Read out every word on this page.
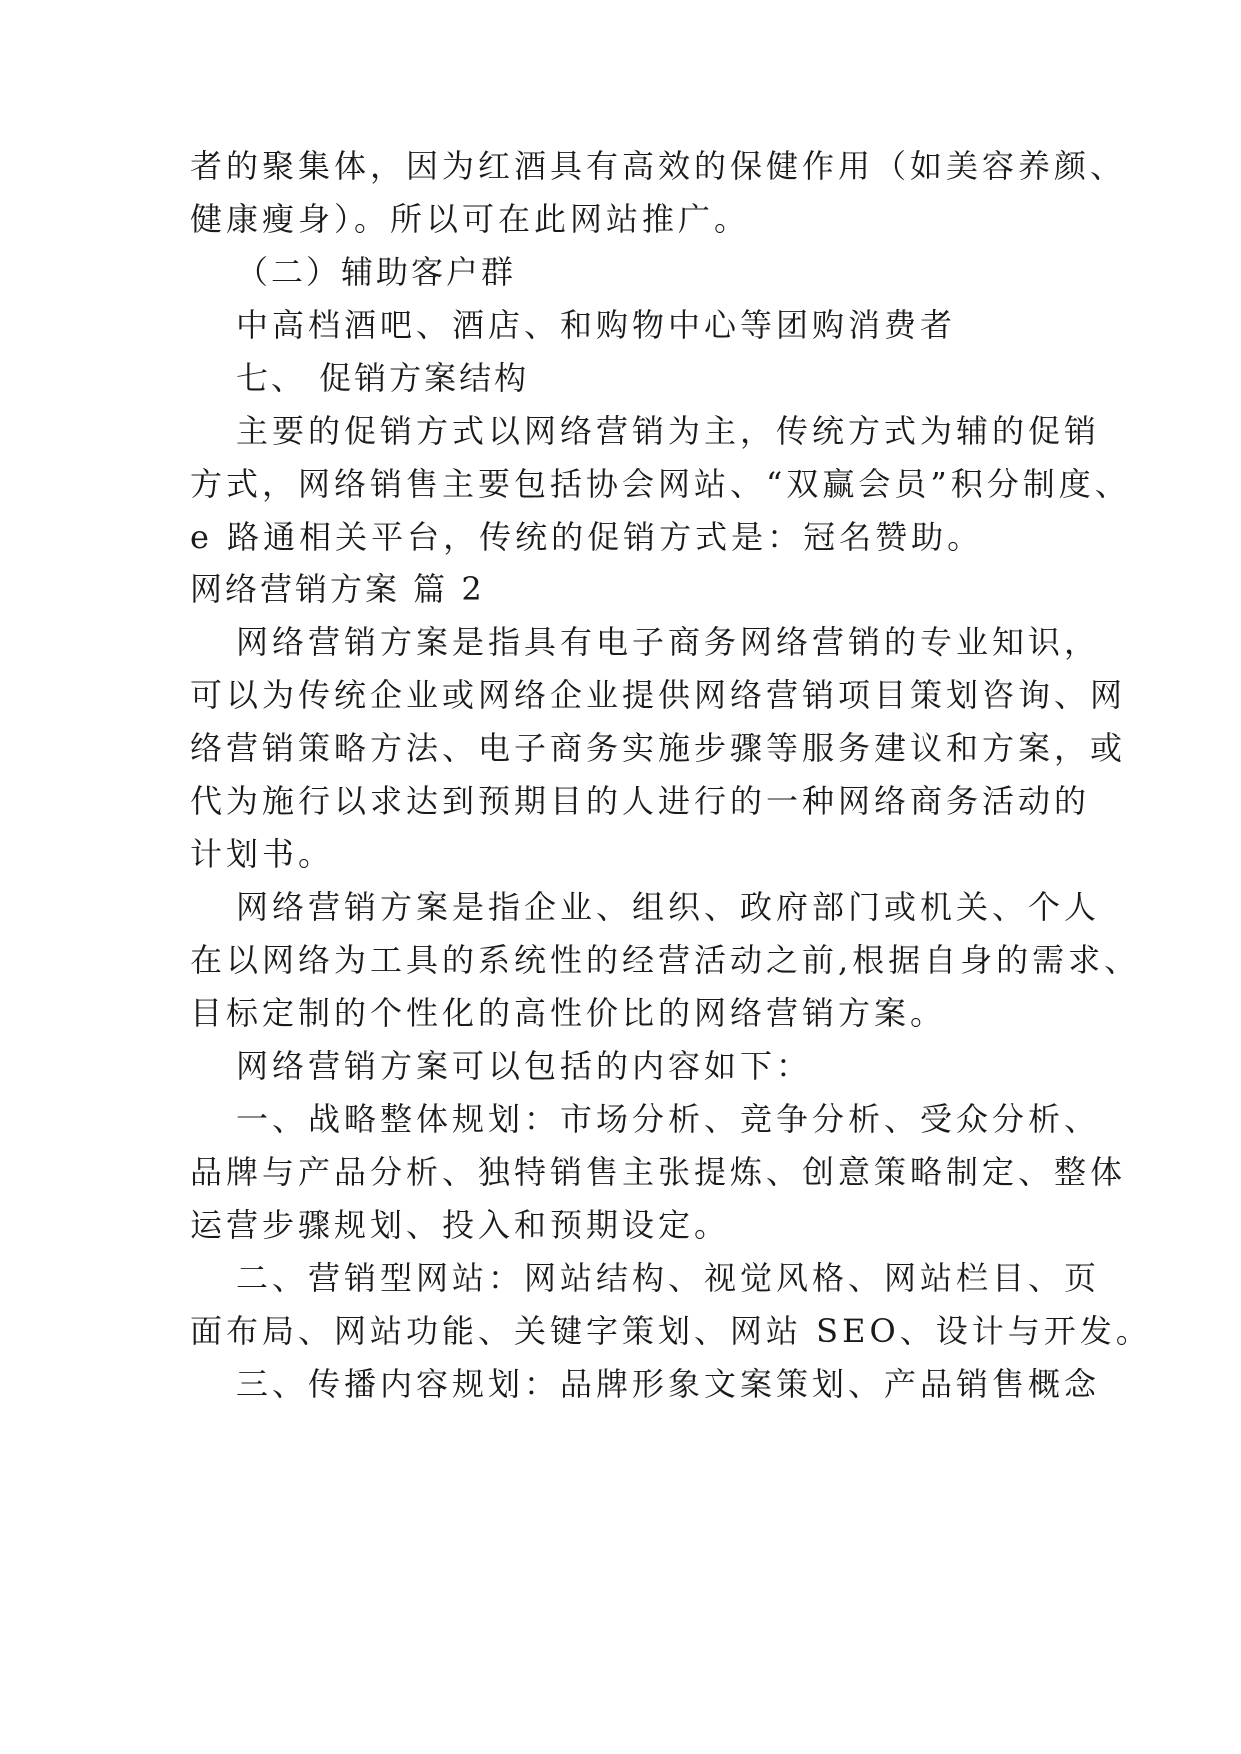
者的聚集体，因为红酒具有高效的保健作用（如美容养颜、
健康瘦身）。所以可在此网站推广。
（二）辅助客户群
中高档酒吧、酒店、和购物中心等团购消费者
七、 促销方案结构
主要的促销方式以网络营销为主，传统方式为辅的促销
方式，网络销售主要包括协会网站、“双赢会员”积分制度、
e 路通相关平台，传统的促销方式是：冠名赞助。
网络营销方案 篇 2
网络营销方案是指具有电子商务网络营销的专业知识，
可以为传统企业或网络企业提供网络营销项目策划咨询、网
络营销策略方法、电子商务实施步骤等服务建议和方案，或
代为施行以求达到预期目的人进行的一种网络商务活动的
计划书。
网络营销方案是指企业、组织、政府部门或机关、个人
在以网络为工具的系统性的经营活动之前,根据自身的需求、
目标定制的个性化的高性价比的网络营销方案。
网络营销方案可以包括的内容如下：
一、战略整体规划：市场分析、竞争分析、受众分析、
品牌与产品分析、独特销售主张提炼、创意策略制定、整体
运营步骤规划、投入和预期设定。
二、营销型网站：网站结构、视觉风格、网站栏目、页
面布局、网站功能、关键字策划、网站 SEO、设计与开发。
三、传播内容规划：品牌形象文案策划、产品销售概念
